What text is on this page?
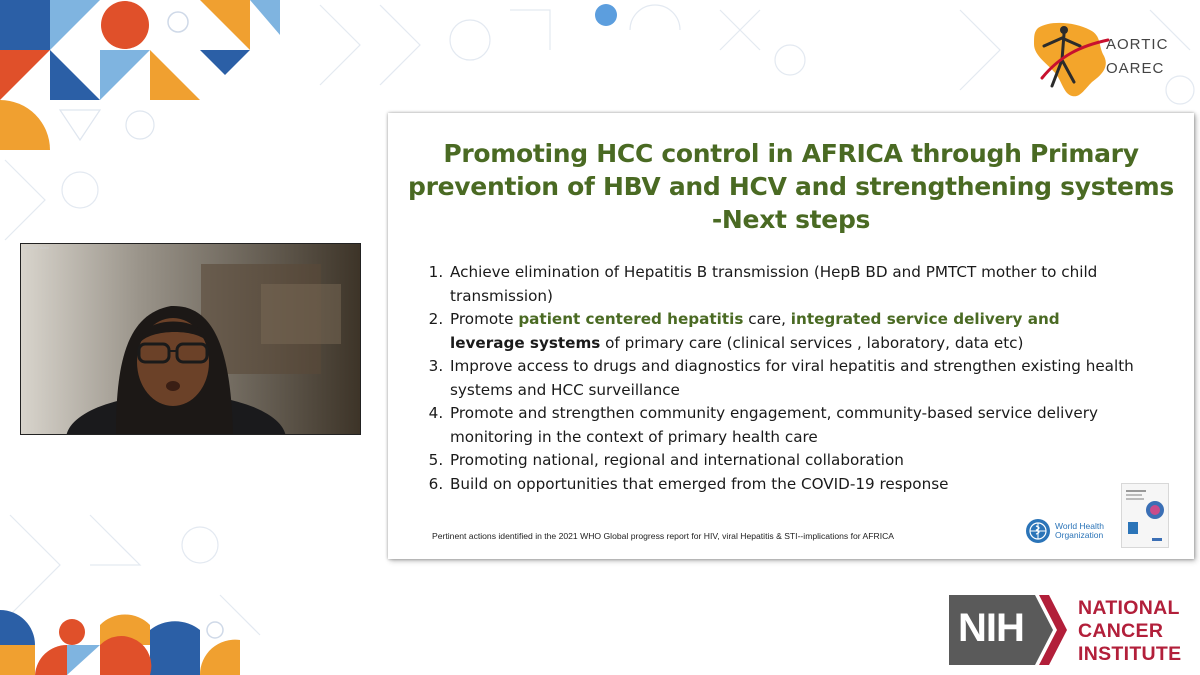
AORTIC
OAREC
Promoting HCC control in AFRICA through Primary
prevention of HBV and HCV and strengthening systems
-Next steps
1. Achieve elimination of Hepatitis B transmission (HepB BD and PMTCT mother to child transmission)
2. Promote patient centered hepatitis care, integrated service delivery and leverage systems of primary care (clinical services , laboratory, data etc)
3. Improve access to drugs and diagnostics for viral hepatitis and strengthen existing health systems and HCC surveillance
4. Promote and strengthen community engagement, community-based service delivery monitoring in the context of primary health care
5. Promoting national, regional and international collaboration
6. Build on opportunities that emerged from the COVID-19 response
Pertinent actions identified in the 2021 WHO Global progress report for HIV, viral Hepatitis & STI--implications for AFRICA
World Health
Organization
speaker video
NIH	NATIONAL
CANCER
INSTITUTE
